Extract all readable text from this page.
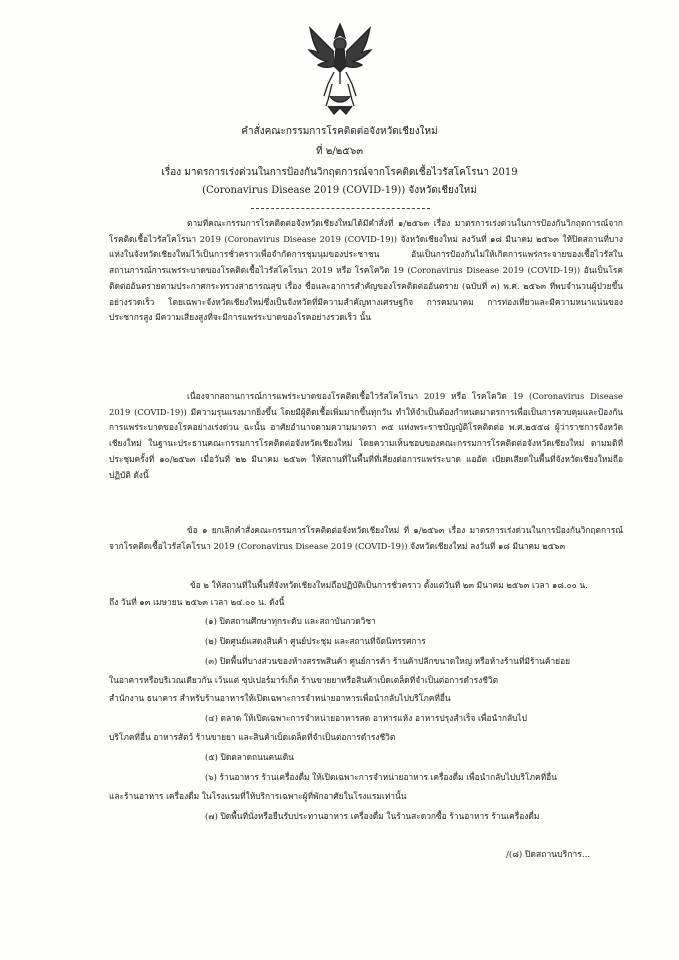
คำสั่งคณะกรรมการโรคติดต่อจังหวัดเชียงใหม่
ที่ ๒/๒๕๖๓
เรื่อง มาตรการเร่งด่วนในการป้องกันวิกฤตการณ์จากโรคติดเชื้อไวรัสโคโรนา 2019
(Coronavirus Disease 2019 (COVID-19)) จังหวัดเชียงใหม่

ตามที่คณะกรรมการโรคติดต่อจังหวัดเชียงใหม่ได้มีคำสั่งที่ ๑/๒๕๖๓ เรื่อง มาตรการเร่งด่วนในการป้องกันวิกฤตการณ์จากโรคติดเชื้อไวรัสโคโรนา 2019 (Coronavirus Disease 2019 (COVID-19)) จังหวัดเชียงใหม่ ลงวันที่ ๑๘ มีนาคม ๒๕๖๓ ให้ปิดสถานที่บางแห่งในจังหวัดเชียงใหม่ไว้เป็นการชั่วคราวเพื่อจำกัดการชุมนุมของประชาชน อันเป็นการป้องกันไม่ให้เกิดการแพร่กระจายของเชื้อไวรัสในสถานการณ์การแพร่ระบาดของโรคติดเชื้อไวรัสโคโรนา 2019 หรือ โรคโควิด 19 (Coronavirus Disease 2019 (COVID-19)) อันเป็นโรคติดต่ออันตรายตามประกาศกระทรวงสาธารณสุข เรื่อง ชื่อและอาการสำคัญของโรคติดต่ออันตราย (ฉบับที่ ๓) พ.ศ. ๒๕๖๓ ที่พบจำนวนผู้ป่วยขึ้นอย่างรวดเร็ว โดยเฉพาะจังหวัดเชียงใหม่ซึ่งเป็นจังหวัดที่มีความสำคัญทางเศรษฐกิจ การคมนาคม การท่องเที่ยวและมีความหนาแน่นของประชากรสูง มีความเสี่ยงสูงที่จะมีการแพร่ระบาดของโรคอย่างรวดเร็ว นั้น

เนื่องจากสถานการณ์การแพร่ระบาดของโรคติดเชื้อไวรัสโคโรนา 2019 หรือ โรคโควิด 19 (Coronavirus Disease 2019 (COVID-19)) มีความรุนแรงมากยิ่งขึ้น โดยมีผู้ติดเชื้อเพิ่มมากขึ้นทุกวัน ทำให้จำเป็นต้องกำหนดมาตรการเพื่อเป็นการควบคุมและป้องกันการแพร่ระบาดของโรคอย่างเร่งด่วน ฉะนั้น อาศัยอำนาจตามความมาตรา ๓๕ แห่งพระราชบัญญัติโรคติดต่อ พ.ศ.๒๕๕๘ ผู้ว่าราชการจังหวัดเชียงใหม่ ในฐานะประธานคณะกรรมการโรคติดต่อจังหวัดเชียงใหม่ โดยความเห็นชอบของคณะกรรมการโรคติดต่อจังหวัดเชียงใหม่ ตามมติที่ประชุมครั้งที่ ๑๐/๒๕๖๓ เมื่อวันที่ ๒๒ มีนาคม ๒๕๖๓ ให้สถานที่ในพื้นที่ที่เสี่ยงต่อการแพร่ระบาด แออัด เบียดเสียดในพื้นที่จังหวัดเชียงใหม่ถือปฏิบัติ ดังนี้

ข้อ ๑ ยกเลิกคำสั่งคณะกรรมการโรคติดต่อจังหวัดเชียงใหม่ ที่ ๑/๒๕๖๓ เรื่อง มาตรการเร่งด่วนในการป้องกันวิกฤตการณ์จากโรคติดเชื้อไวรัสโคโรนา 2019 (Coronavirus Disease 2019 (COVID-19)) จังหวัดเชียงใหม่ ลงวันที่ ๑๘ มีนาคม ๒๕๖๓

ข้อ ๒ ให้สถานที่ในพื้นที่จังหวัดเชียงใหม่ถือปฏิบัติเป็นการชั่วคราว ตั้งแต่วันที่ ๒๓ มีนาคม ๒๕๖๓ เวลา ๑๘.๐๐ น.
ถึง วันที่ ๑๓ เมษายน ๒๕๖๓ เวลา ๒๔.๐๐ น. ดังนี้
(๑) ปิดสถานศึกษาทุกระดับ และสถาบันกวดวิชา
(๒) ปิดศูนย์แสดงสินค้า ศูนย์ประชุม และสถานที่จัดนิทรรศการ
(๓) ปิดพื้นที่บางส่วนของห้างสรรพสินค้า ศูนย์การค้า ร้านค้าปลีกขนาดใหญ่ หรือห้างร้านที่มีร้านค้าย่อย
ในอาคารหรือบริเวณเดียวกัน เว้นแต่ ซุปเปอร์มาร์เก็ต ร้านขายยาหรือสินค้าเบ็ดเตล็ดที่จำเป็นต่อการดำรงชีวิต
สำนักงาน ธนาคาร สำหรับร้านอาหารให้เปิดเฉพาะการจำหน่ายอาหารเพื่อนำกลับไปบริโภคที่อื่น
(๔) ตลาด ให้เปิดเฉพาะการจำหน่ายอาหารสด อาหารแห้ง อาหารปรุงสำเร็จ เพื่อนำกลับไป
บริโภคที่อื่น อาหารสัตว์ ร้านขายยา และสินค้าเบ็ดเตล็ดที่จำเป็นต่อการดำรงชีวิต
(๕) ปิดตลาดถนนคนเดิน
(๖) ร้านอาหาร ร้านเครื่องดื่ม ให้เปิดเฉพาะการจำหน่ายอาหาร เครื่องดื่ม เพื่อนำกลับไปบริโภคที่อื่น
และร้านอาหาร เครื่องดื่ม ในโรงแรมที่ให้บริการเฉพาะผู้ที่พักอาศัยในโรงแรมเท่านั้น
(๗) ปิดพื้นที่นั่งหรือยืนรับประทานอาหาร เครื่องดื่ม ในร้านสะดวกซื้อ ร้านอาหาร ร้านเครื่องดื่ม
/(๘) ปิดสถานบริการ...
